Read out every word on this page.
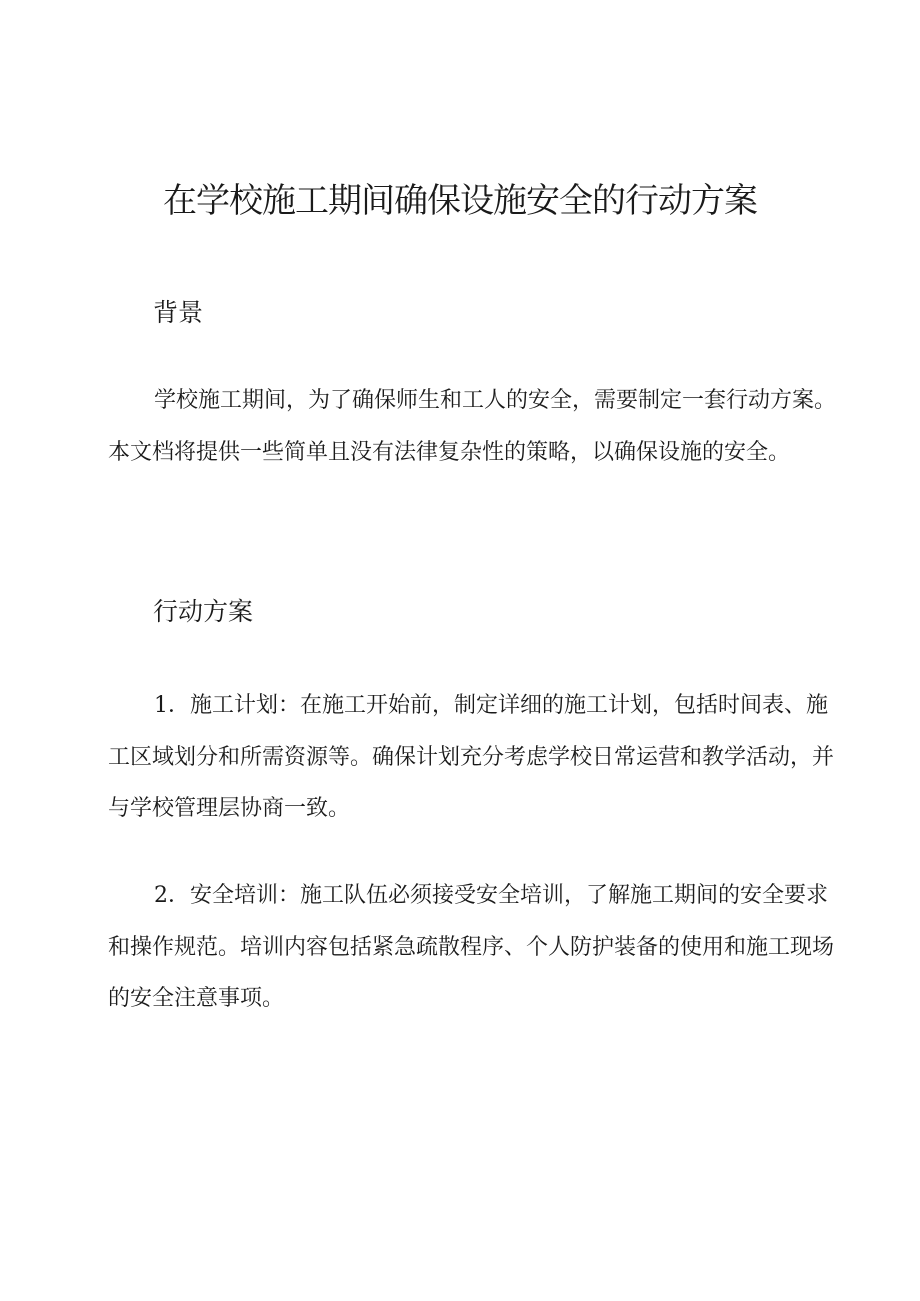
在学校施工期间确保设施安全的行动方案
背景

学校施工期间，为了确保师生和工人的安全，需要制定一套行动方案。本文档将提供一些简单且没有法律复杂性的策略，以确保设施的安全。

行动方案

1．施工计划：在施工开始前，制定详细的施工计划，包括时间表、施工区域划分和所需资源等。确保计划充分考虑学校日常运营和教学活动，并与学校管理层协商一致。

2．安全培训：施工队伍必须接受安全培训，了解施工期间的安全要求和操作规范。培训内容包括紧急疏散程序、个人防护装备的使用和施工现场的安全注意事项。
